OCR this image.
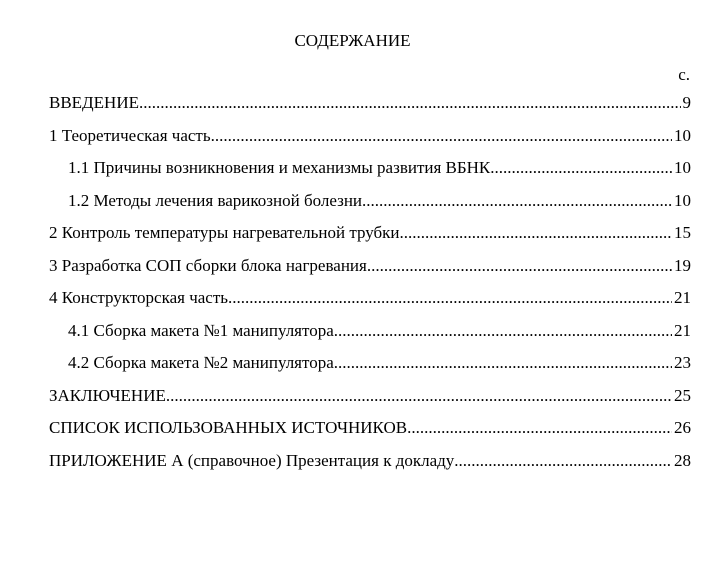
СОДЕРЖАНИЕ
с.
ВВЕДЕНИЕ .....	9
1 Теоретическая часть .....	10
1.1 Причины возникновения и механизмы развития ВБНК .....	10
1.2 Методы лечения варикозной болезни .....	10
2 Контроль температуры нагревательной трубки .....	15
3 Разработка СОП сборки блока нагревания .....	19
4 Конструкторская часть .....	21
4.1 Сборка макета №1 манипулятора .....	21
4.2 Сборка макета №2 манипулятора .....	23
ЗАКЛЮЧЕНИЕ .....	25
СПИСОК ИСПОЛЬЗОВАННЫХ ИСТОЧНИКОВ .....	26
ПРИЛОЖЕНИЕ А (справочное) Презентация к докладу .....	28
